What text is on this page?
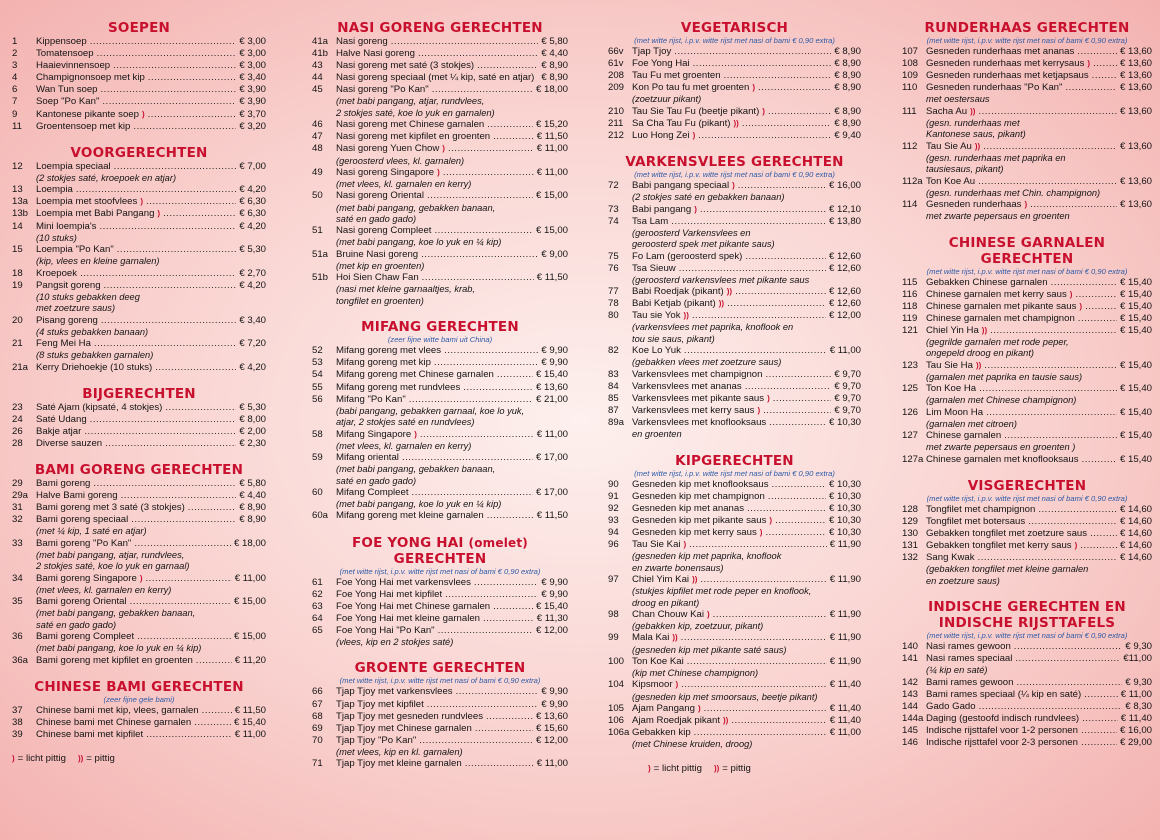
SOEPEN
1	Kippensoep .....	€ 3,00
2	Tomatensoep .....	€ 3,00
3	Haaievinnensoep .....	€ 3,00
4	Champignonsoep met kip .....	€ 3,40
6	Wan Tun soep .....	€ 3,90
7	Soep "Po Kan" .....	€ 3,90
9	Kantonese pikante soep ) .....	€ 3,70
11	Groentensoep met kip .....	€ 3,20
VOORGERECHTEN
12	Loempia speciaal .....	€ 7,00
(2 stokjes saté, kroepoek en atjar)
13	Loempia .....	€ 4,20
13a Loempia met stoofvlees ) .....	€ 6,30
13b Loempia met Babi Pangang ) .....	€ 6,30
14	Mini loempia's .....	€ 4,20
(10 stuks)
15	Loempia "Po Kan" .....	€ 5,30
(kip, vlees en kleine garnalen)
18	Kroepoek .....	€ 2,70
19	Pangsit goreng .....	€ 4,20
(10 stuks gebakken deeg
met zoetzure saus)
20	Pisang goreng .....	€ 3,40
(4 stuks gebakken banaan)
21	Feng Mei Ha .....	€ 7,20
(8 stuks gebakken garnalen)
21a Kerry Driehoekje (10 stuks) .....	€ 4,20
BIJGERECHTEN
23	Saté Ajam (kipsaté, 4 stokjes) .....	€ 5,30
24	Saté Udang .....	€ 8,00
26	Bakje atjar .....	€ 2,00
28	Diverse sauzen .....	€ 2,30
BAMI GORENG GERECHTEN
29	Bami goreng .....	€ 5,80
29a Halve Bami goreng .....	€ 4,40
31	Bami goreng met 3 saté (3 stokjes) .....	€ 8,90
32	Bami goreng speciaal .....	€ 8,90
(met ¼ kip, 1 saté en atjar)
33	Bami goreng "Po Kan" .....	€ 18,00
(met babi pangang, atjar, rundvlees,
2 stokjes saté, koe lo yuk en garnaal)
34	Bami goreng Singapore ) .....	€ 11,00
(met vlees, kl. garnalen en kerry)
35	Bami goreng Oriental .....	€ 15,00
(met babi pangang, gebakken banaan,
saté en gado gado)
36	Bami goreng Compleet .....	€ 15,00
(met babi pangang, koe lo yuk en ¼ kip)
36a Bami goreng met kipfilet en groenten .....	€ 11,20
CHINESE BAMI GERECHTEN
(zeer fijne gele bami)
37	Chinese bami met kip, vlees, garnalen .....	€ 11,50
38	Chinese bami met Chinese garnalen .....	€ 15,40
39	Chinese bami met kipfilet .....	€ 11,00
) = licht pittig )) = pittig
NASI GORENG GERECHTEN
41a Nasi goreng .....	€ 5,80
41b Halve Nasi goreng .....	€ 4,40
43	Nasi goreng met saté (3 stokjes) .....	€ 8,90
44	Nasi goreng speciaal (met ¼ kip, saté en atjar) ..... € 8,90
45	Nasi goreng "Po Kan" .....	€ 18,00
(met babi pangang, atjar, rundvlees,
2 stokjes saté, koe lo yuk en garnalen)
46	Nasi goreng met Chinese garnalen .....	€ 15,20
47	Nasi goreng met kipfilet en groenten .....	€ 11,50
48	Nasi goreng Yuen Chow ) .....	€ 11,00
(geroosterd vlees, kl. garnalen)
49	Nasi goreng Singapore ) .....	€ 11,00
(met vlees, kl. garnalen en kerry)
50	Nasi goreng Oriental .....	€ 15,00
(met babi pangang, gebakken banaan,
saté en gado gado)
51	Nasi goreng Compleet .....	€ 15,00
(met babi pangang, koe lo yuk en ¼ kip)
51a Bruine Nasi goreng .....	€ 9,00
(met kip en groenten)
51b Hoi Sien Chaw Fan .....	€ 11,50
(nasi met kleine garnaaltjes, krab,
tongfilet en groenten)
MIFANG GERECHTEN
(zeer fijne witte bami uit China)
52	Mifang goreng met vlees .....	€ 9,90
53	Mifang goreng met kip .....	€ 9,90
54	Mifang goreng met Chinese garnalen .....	€ 15,40
55	Mifang goreng met rundvlees .....	€ 13,60
56	Mifang "Po Kan" .....	€ 21,00
(babi pangang, gebakken garnaal, koe lo yuk,
atjar, 2 stokjes saté en rundvlees)
58	Mifang Singapore ) .....	€ 11,00
(met vlees, kl. garnalen en kerry)
59	Mifang oriental .....	€ 17,00
(met babi pangang, gebakken banaan,
saté en gado gado)
60	Mifang Compleet .....	€ 17,00
(met babi pangang, koe lo yuk en ¼ kip)
60a Mifang goreng met kleine garnalen .....	€ 11,50
FOE YONG HAI (omelet) GERECHTEN
(met witte rijst, i.p.v. witte rijst met nasi of bami € 0,90 extra)
61	Foe Yong Hai met varkensvlees .....	€ 9,90
62	Foe Yong Hai met kipfilet .....	€ 9,90
63	Foe Yong Hai met Chinese garnalen .....	€ 15,40
64	Foe Yong Hai met kleine garnalen .....	€ 11,30
65	Foe Yong Hai "Po Kan" .....	€ 12,00
(vlees, kip en 2 stokjes saté)
GROENTE GERECHTEN
(met witte rijst, i.p.v. witte rijst met nasi of bami € 0,90 extra)
66	Tjap Tjoy met varkensvlees .....	€ 9,90
67	Tjap Tjoy met kipfilet .....	€ 9,90
68	Tjap Tjoy met gesneden rundvlees .....	€ 13,60
69	Tjap Tjoy met Chinese garnalen .....	€ 15,60
70	Tjap Tjoy "Po Kan" .....	€ 12,00
(met vlees, kip en kl. garnalen)
71	Tjap Tjoy met kleine garnalen .....	€ 11,00
VEGETARISCH
(met witte rijst, i.p.v. witte rijst met nasi of bami € 0,90 extra)
66v Tjap Tjoy .....	€ 8,90
61v Foe Yong Hai .....	€ 8,90
208 Tau Fu met groenten .....	€ 8,90
209 Kon Po tau fu met groenten ) .....	€ 8,90
(zoetzuur pikant)
210 Tau Sie Tau Fu (beetje pikant) ) .....	€ 8,90
211 Sa Cha Tau Fu (pikant) )) .....	€ 8,90
212 Luo Hong Zei ) .....	€ 9,40
VARKENSVLEES GERECHTEN
(met witte rijst, i.p.v. witte rijst met nasi of bami € 0,90 extra)
72	Babi pangang speciaal ) .....	€ 16,00
(2 stokjes saté en gebakken banaan)
73	Babi pangang ) .....	€ 12,10
74	Tsa Lam .....	€ 13,80
(geroosterd Varkensvlees en
geroosterd spek met pikante saus)
75	Fo Lam (geroosterd spek) .....	€ 12,60
76	Tsa Sieuw .....	€ 12,60
(geroosterd varkensvlees met pikante saus
77	Babi Roedjak (pikant) )) .....	€ 12,60
78	Babi Ketjab (pikant) )) .....	€ 12,60
80	Tau sie Yok )) .....	€ 12,00
(varkensvlees met paprika, knoflook en
tou sie saus, pikant)
82	Koe Lo Yuk .....	€ 11,00
(gebakken vlees met zoetzure saus)
83	Varkensvlees met champignon .....	€ 9,70
84	Varkensvlees met ananas .....	€ 9,70
85	Varkensvlees met pikante saus ) .....	€ 9,70
87	Varkensvlees met kerry saus ) .....	€ 9,70
89a Varkensvlees met knoflooksaus .....	€ 10,30
en groenten
KIPGERECHTEN
(met witte rijst, i.p.v. witte rijst met nasi of bami € 0,90 extra)
90	Gesneden kip met knoflooksaus .....	€ 10,30
91	Gesneden kip met champignon .....	€ 10,30
92	Gesneden kip met ananas .....	€ 10,30
93	Gesneden kip met pikante saus ) .....	€ 10,30
94	Gesneden kip met kerry saus ) .....	€ 10,30
96	Tau Sie Kai ) .....	€ 11,90
(gesneden kip met paprika, knoflook
en zwarte bonensaus)
97	Chiel Yim Kai )) .....	€ 11,90
(stukjes kipfilet met rode peper en knoflook,
droog en pikant)
98	Chan Chouw Kai ) .....	€ 11,90
(gebakken kip, zoetzuur, pikant)
99	Mala Kai )) .....	€ 11,90
(gesneden kip met pikante saté saus)
100 Ton Koe Kai .....	€ 11,90
(kip met Chinese champignon)
104 Kipsmoor ) .....	€ 11,40
(gesneden kip met smoorsaus, beetje pikant)
105 Ajam Pangang ) .....	€ 11,40
106 Ajam Roedjak pikant )) .....	€ 11,40
106a Gebakken kip .....	€ 11,00
(met Chinese kruiden, droog)
) = licht pittig )) = pittig
RUNDERHAAS GERECHTEN
(met witte rijst, i.p.v. witte rijst met nasi of bami € 0,90 extra)
107 Gesneden runderhaas met ananas .....	€ 13,60
108 Gesneden runderhaas met kerrysaus ) .....	€ 13,60
109 Gesneden runderhaas met ketjapsaus .....	€ 13,60
110 Gesneden runderhaas "Po Kan" .....	€ 13,60
met oestersaus
111 Sacha Au )) .....	€ 13,60
(gesn. runderhaas met
Kantonese saus, pikant)
112 Tau Sie Au )) .....	€ 13,60
(gesn. runderhaas met paprika en
tausiesaus, pikant)
112a Ton Koe Au .....	€ 13,60
(gesn. runderhaas met Chin. champignon)
114 Gesneden runderhaas ) .....	€ 13,60
met zwarte pepersaus en groenten
CHINESE GARNALEN GERECHTEN
(met witte rijst, i.p.v. witte rijst met nasi of bami € 0,90 extra)
115 Gebakken Chinese garnalen .....	€ 15,40
116 Chinese garnalen met kerry saus ) .....	€ 15,40
118 Chinese garnalen met pikante saus ) .....	€ 15,40
119 Chinese garnalen met champignon .....	€ 15,40
121 Chiel Yin Ha )) .....	€ 15,40
(gegrilde garnalen met rode peper,
ongepeld droog en pikant)
123 Tau Sie Ha )) .....	€ 15,40
(garnalen met paprika en tausie saus)
125 Ton Koe Ha .....	€ 15,40
(garnalen met Chinese champignon)
126 Lim Moon Ha .....	€ 15,40
(garnalen met citroen)
127 Chinese garnalen .....	€ 15,40
met zwarte pepersaus en groenten )
127a Chinese garnalen met knoflooksaus .....	€ 15,40
VISGERECHTEN
(met witte rijst, i.p.v. witte rijst met nasi of bami € 0,90 extra)
128 Tongfilet met champignon .....	€ 14,60
129 Tongfilet met botersaus .....	€ 14,60
130 Gebakken tongfilet met zoetzure saus .....	€ 14,60
131 Gebakken tongfilet met kerry saus ) .....	€ 14,60
132 Sang Kwak .....	€ 14,60
(gebakken tongfilet met kleine garnalen
en zoetzure saus)
INDISCHE GERECHTEN EN
INDISCHE RIJSTTAFELS
(met witte rijst, i.p.v. witte rijst met nasi of bami € 0,90 extra)
140 Nasi rames gewoon .....	€ 9,30
141 Nasi rames speciaal .....	€11,00
(¼ kip en saté)
142 Bami rames gewoon .....	€ 9,30
143 Bami rames speciaal (¼ kip en saté) .....	€ 11,00
144 Gado Gado .....	€ 8,30
144a Daging (gestoofd indisch rundvlees) .....	€ 11,40
145 Indische rijsttafel voor 1-2 personen .....	€ 16,00
146 Indische rijsttafel voor 2-3 personen .....	€ 29,00
